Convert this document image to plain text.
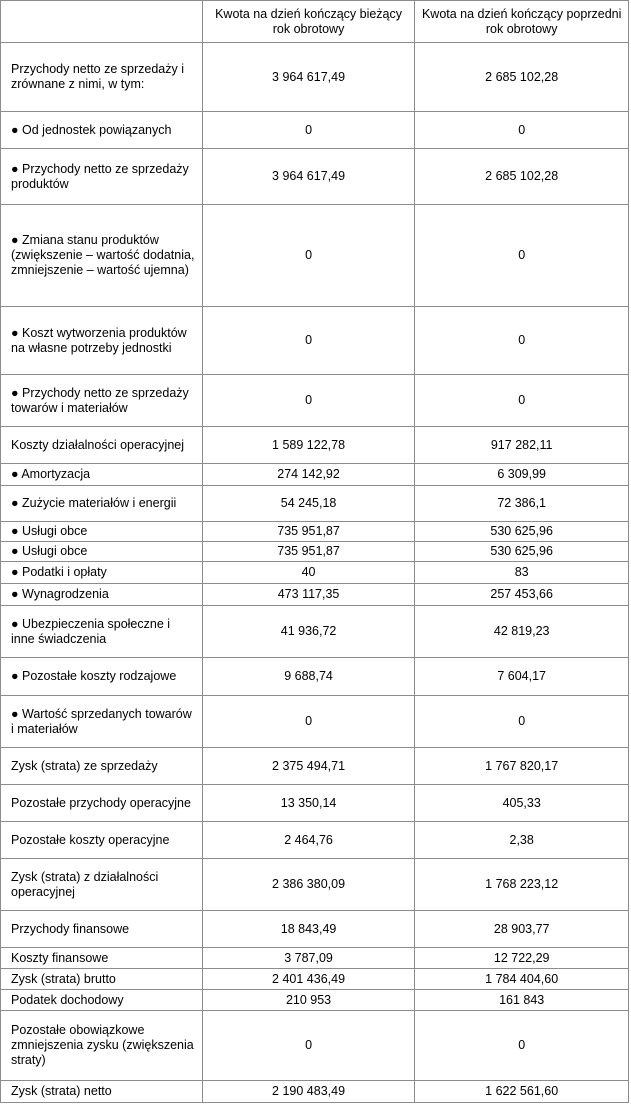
	Kwota na dzień kończący bieżący rok obrotowy	Kwota na dzień kończący poprzedni rok obrotowy
Przychody netto ze sprzedaży i zrównane z nimi, w tym:	3 964 617,49	2 685 102,28
● Od jednostek powiązanych	0	0
● Przychody netto ze sprzedaży produktów	3 964 617,49	2 685 102,28
● Zmiana stanu produktów (zwiększenie – wartość dodatnia, zmniejszenie – wartość ujemna)	0	0
● Koszt wytworzenia produktów na własne potrzeby jednostki	0	0
● Przychody netto ze sprzedaży towarów i materiałów	0	0
Koszty działalności operacyjnej	1 589 122,78	917 282,11
● Amortyzacja	274 142,92	6 309,99
● Zużycie materiałów i energii	54 245,18	72 386,1
● Usługi obce	735 951,87	530 625,96
● Usługi obce	735 951,87	530 625,96
● Podatki i opłaty	40	83
● Wynagrodzenia	473 117,35	257 453,66
● Ubezpieczenia społeczne i inne świadczenia	41 936,72	42 819,23
● Pozostałe koszty rodzajowe	9 688,74	7 604,17
● Wartość sprzedanych towarów i materiałów	0	0
Zysk (strata) ze sprzedaży	2 375 494,71	1 767 820,17
Pozostałe przychody operacyjne	13 350,14	405,33
Pozostałe koszty operacyjne	2 464,76	2,38
Zysk (strata) z działalności operacyjnej	2 386 380,09	1 768 223,12
Przychody finansowe	18 843,49	28 903,77
Koszty finansowe	3 787,09	12 722,29
Zysk (strata) brutto	2 401 436,49	1 784 404,60
Podatek dochodowy	210 953	161 843
Pozostałe obowiązkowe zmniejszenia zysku (zwiększenia straty)	0	0
Zysk (strata) netto	2 190 483,49	1 622 561,60
